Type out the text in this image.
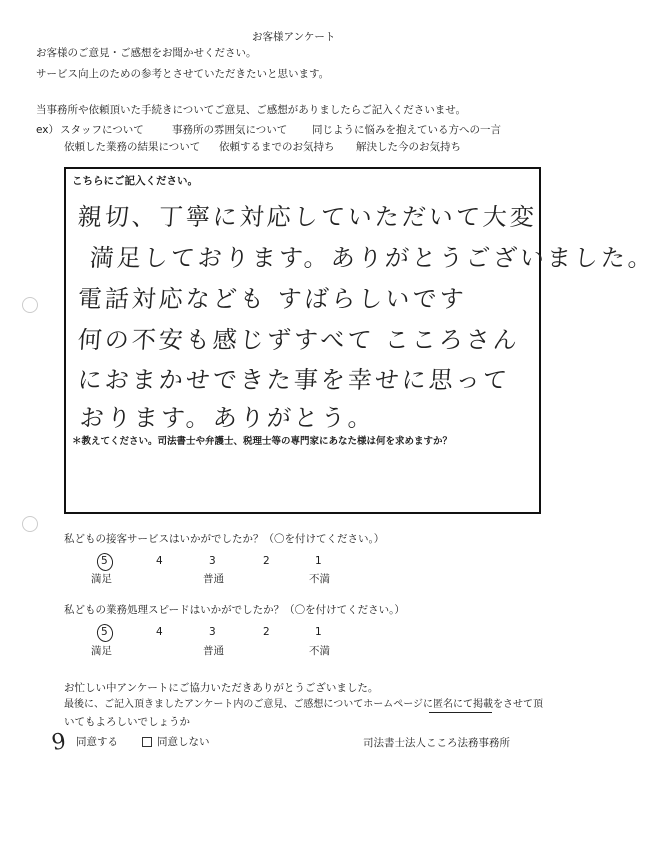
お客様アンケート
お客様のご意見・ご感想をお聞かせください。
サービス向上のための参考とさせていただきたいと思います。
当事務所や依頼頂いた手続きについてご意見、ご感想がありましたらご記入くださいませ。
ex） スタッフについて	事務所の雰囲気について 同じように悩みを抱えている方への一言
依頼した業務の結果について 依頼するまでのお気持ち 解決した今のお気持ち
こちらにご記入ください。
親切、丁寧に対応していただいて大変
満足しております。ありがとうございました。
電話対応なども すばらしいです
何の不安も感じずすべて こころさん
におまかせできた事を幸せに思って
おります。ありがとう。
＊教えてください。司法書士や弁護士、税理士等の専門家にあなた様は何を求めますか？
私どもの接客サービスはいかがでしたか？（〇を付けてください。）
5	4	3	2	1
満足	普通	不満
私どもの業務処理スピードはいかがでしたか？（〇を付けてください。）
5	4	3	2	1
満足	普通	不満
お忙しい中アンケートにご協力いただきありがとうございました。
最後に、ご記入頂きましたアンケート内のご意見、ご感想についてホームページに匿名にて掲載をさせて頂
いてもよろしいでしょうか
9 同意する	同意しない	司法書士法人こころ法務事務所
